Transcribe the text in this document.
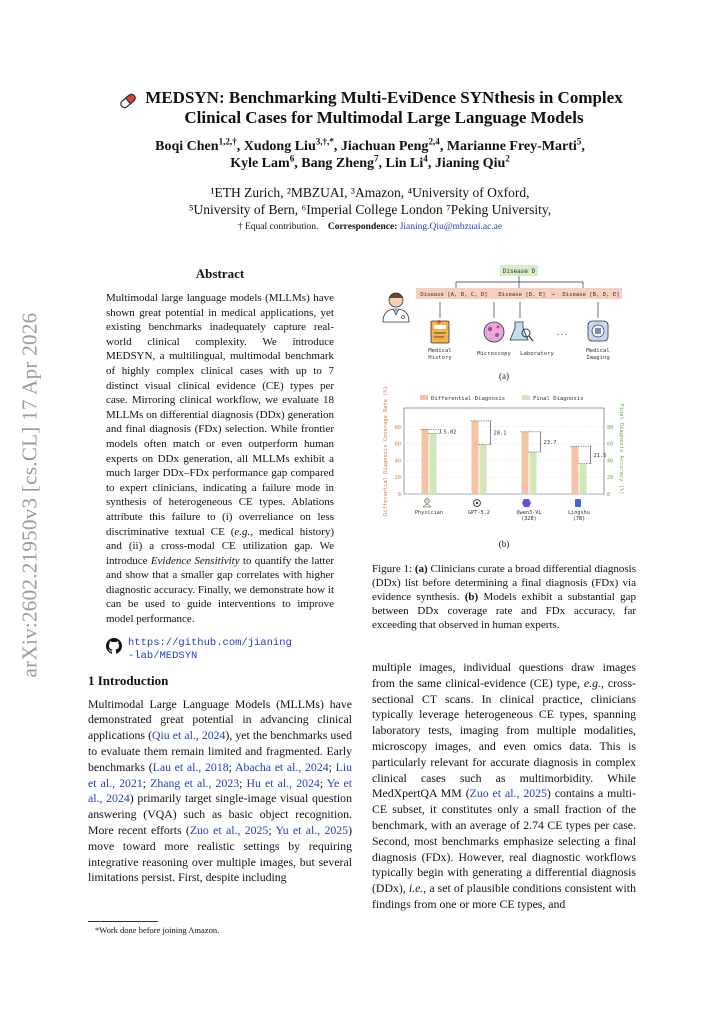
arXiv:2602.21950v3 [cs.CL] 17 Apr 2026
MEDSYN: Benchmarking Multi-EviDence SYNthesis in Complex
Clinical Cases for Multimodal Large Language Models
Boqi Chen$^{1,2,\dagger}$, Xudong Liu$^{3,\dagger,*}$, Jiachuan Peng$^{2,4}$, Marianne Frey-Marti$^5$,
Kyle Lam$^6$, Bang Zheng$^7$, Lin Li$^4$, Jianing Qiu$^2$
¹ETH Zurich, ²MBZUAI, ³Amazon, ⁴University of Oxford,
⁵University of Bern, ⁶Imperial College London ⁷Peking University,
† Equal contribution. Correspondence: Jianing.Qiu@mbzuai.ac.ae
Abstract
Multimodal large language models (MLLMs) have shown great potential in medical applications, yet existing benchmarks inadequately capture real-world clinical complexity. We introduce MEDSYN, a multilingual, multimodal benchmark of highly complex clinical cases with up to 7 distinct visual clinical evidence (CE) types per case. Mirroring clinical workflow, we evaluate 18 MLLMs on differential diagnosis (DDx) generation and final diagnosis (FDx) selection. While frontier models often match or even outperform human experts on DDx generation, all MLLMs exhibit a much larger DDx–FDx performance gap compared to expert clinicians, indicating a failure mode in synthesis of heterogeneous CE types. Ablations attribute this failure to (i) overreliance on less discriminative textual CE (e.g., medical history) and (ii) a cross-modal CE utilization gap. We introduce Evidence Sensitivity to quantify the latter and show that a smaller gap correlates with higher diagnostic accuracy. Finally, we demonstrate how it can be used to guide interventions to improve model performance.
https://github.com/jianing
-lab/MEDSYN
1 Introduction
Multimodal Large Language Models (MLLMs) have demonstrated great potential in advancing clinical applications (Qiu et al., 2024), yet the benchmarks used to evaluate them remain limited and fragmented. Early benchmarks (Lau et al., 2018; Abacha et al., 2024; Liu et al., 2021; Zhang et al., 2023; Hu et al., 2024; Ye et al., 2024) primarily target single-image visual question answering (VQA) such as basic object recognition. More recent efforts (Zuo et al., 2025; Yu et al., 2025) move toward more realistic settings by requiring integrative reasoning over multiple images, but several limitations persist. First, despite including
*Work done before joining Amazon.
Disease D
Disease [A, B, C, D] Disease [D, E] → Disease [B, D, E]
...
Medical
History
Microscopy Laboratory	Medical
Imaging
(a)
Differential Diagnosis	Final Diagnosis
Differential Diagnosis Coverage Rate (%)	Final Diagnosis Accuracy (%)
(b)
0	0
20	20
40	40
60	60
80	80
5.02
Physician
28.1
GPT-5.2
23.7
Qwen3-VL
(32B)
21.5
Lingshu
(7B)
Figure 1: (a) Clinicians curate a broad differential diagnosis (DDx) list before determining a final diagnosis (FDx) via evidence synthesis. (b) Models exhibit a substantial gap between DDx coverage rate and FDx accuracy, far exceeding that observed in human experts.
multiple images, individual questions draw images from the same clinical-evidence (CE) type, e.g., cross-sectional CT scans. In clinical practice, clinicians typically leverage heterogeneous CE types, spanning laboratory tests, imaging from multiple modalities, microscopy images, and even omics data. This is particularly relevant for accurate diagnosis in complex clinical cases such as multimorbidity. While MedXpertQA MM (Zuo et al., 2025) contains a multi-CE subset, it constitutes only a small fraction of the benchmark, with an average of 2.74 CE types per case. Second, most benchmarks emphasize selecting a final diagnosis (FDx). However, real diagnostic workflows typically begin with generating a differential diagnosis (DDx), i.e., a set of plausible conditions consistent with findings from one or more CE types, and
